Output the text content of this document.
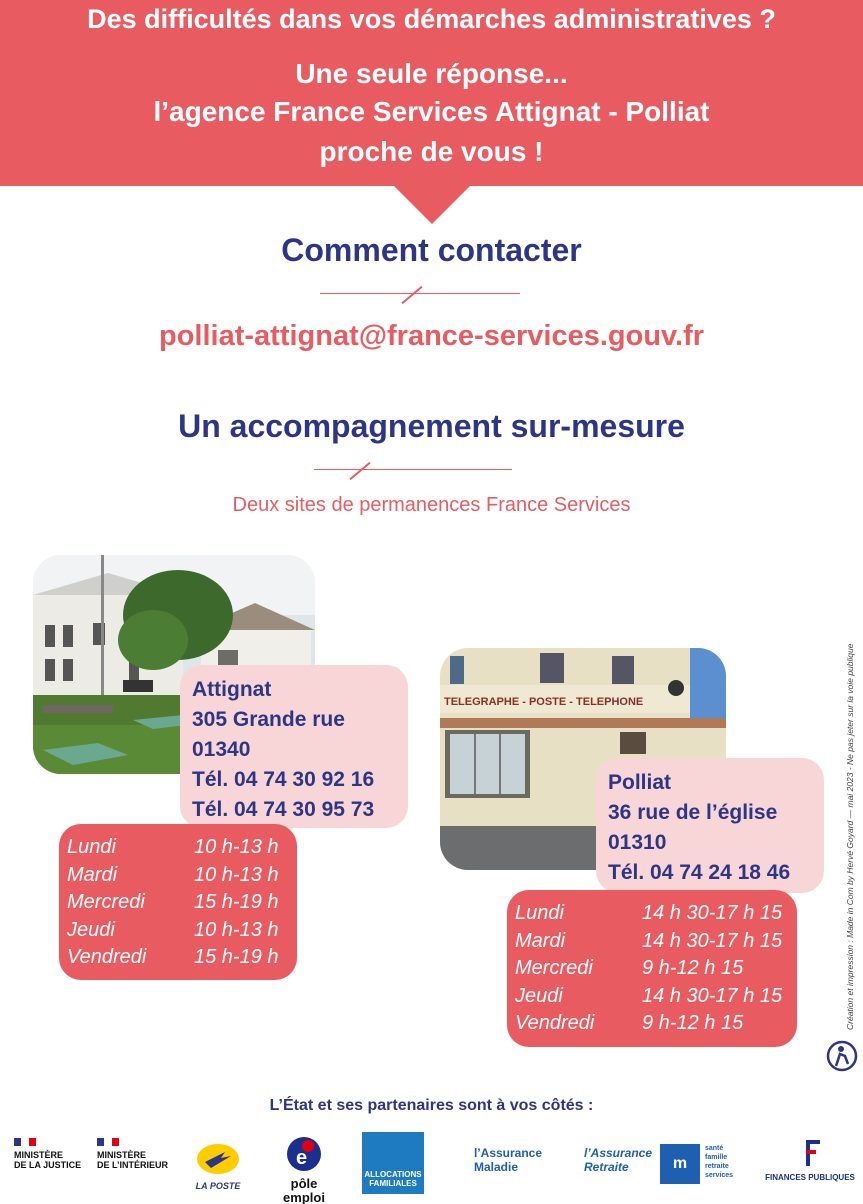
Des difficultés dans vos démarches administratives ?
Une seule réponse...
l’agence France Services Attignat - Polliat
proche de vous !
Comment contacter
polliat-attignat@france-services.gouv.fr
Un accompagnement sur-mesure
Deux sites de permanences France Services
Attignat
305 Grande rue
01340
Tél. 04 74 30 92 16
Tél. 04 74 30 95 73
Lundi	10 h-13 h
Mardi	10 h-13 h
Mercredi	15 h-19 h
Jeudi	10 h-13 h
Vendredi	15 h-19 h
TELEGRAPHE - POSTE - TELEPHONE
Polliat
36 rue de l’église
01310
Tél. 04 74 24 18 46
Lundi	14 h 30-17 h 15
Mardi	14 h 30-17 h 15
Mercredi	9 h-12 h 15
Jeudi	14 h 30-17 h 15
Vendredi	9 h-12 h 15	Création et impression : Made in Com by Hervé Goyard — mai 2023 - Ne pas jeter sur la voie publique
L’État et ses partenaires sont à vos côtés :
MINISTÈRE
DE LA JUSTICE
MINISTÈRE
DE L’INTÉRIEUR
LA POSTE
e
pôle emploi
ALLOCATIONS
FAMILIALES
l’Assurance
Maladie
l’Assurance
Retraite	m
santé
famille
retraite
services	FINANCES PUBLIQUES
